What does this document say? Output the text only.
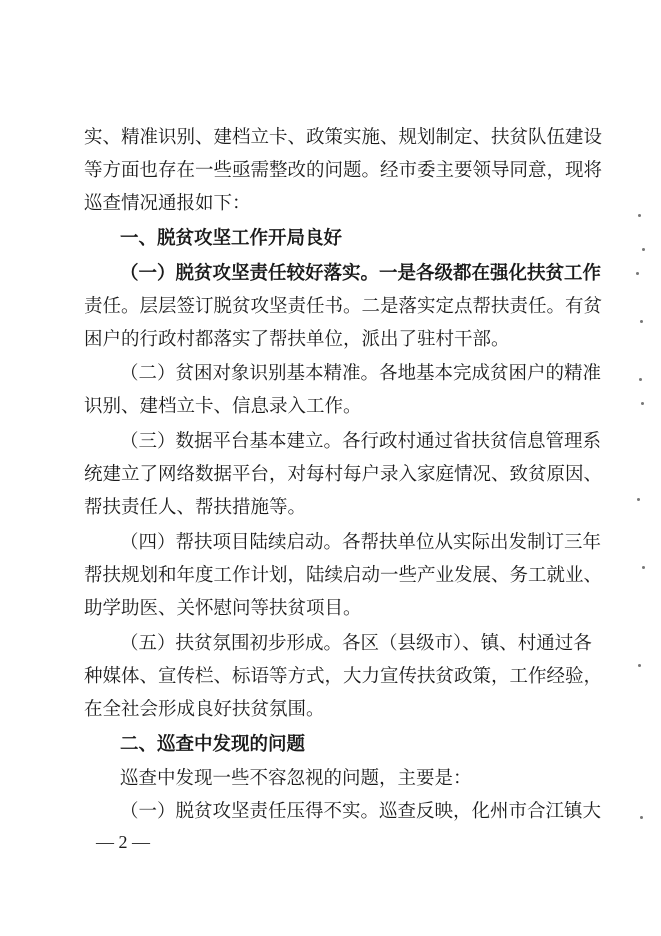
实、精准识别、建档立卡、政策实施、规划制定、扶贫队伍建设
等方面也存在一些亟需整改的问题。经市委主要领导同意，现将
巡查情况通报如下：
一、脱贫攻坚工作开局良好
（一）脱贫攻坚责任较好落实。一是各级都在强化扶贫工作
责任。层层签订脱贫攻坚责任书。二是落实定点帮扶责任。有贫
困户的行政村都落实了帮扶单位，派出了驻村干部。
（二）贫困对象识别基本精准。各地基本完成贫困户的精准
识别、建档立卡、信息录入工作。
（三）数据平台基本建立。各行政村通过省扶贫信息管理系
统建立了网络数据平台，对每村每户录入家庭情况、致贫原因、
帮扶责任人、帮扶措施等。
（四）帮扶项目陆续启动。各帮扶单位从实际出发制订三年
帮扶规划和年度工作计划，陆续启动一些产业发展、务工就业、
助学助医、关怀慰问等扶贫项目。
（五）扶贫氛围初步形成。各区（县级市）、镇、村通过各
种媒体、宣传栏、标语等方式，大力宣传扶贫政策，工作经验，
在全社会形成良好扶贫氛围。
二、巡查中发现的问题
巡查中发现一些不容忽视的问题，主要是：
（一）脱贫攻坚责任压得不实。巡查反映，化州市合江镇大
— 2 —
